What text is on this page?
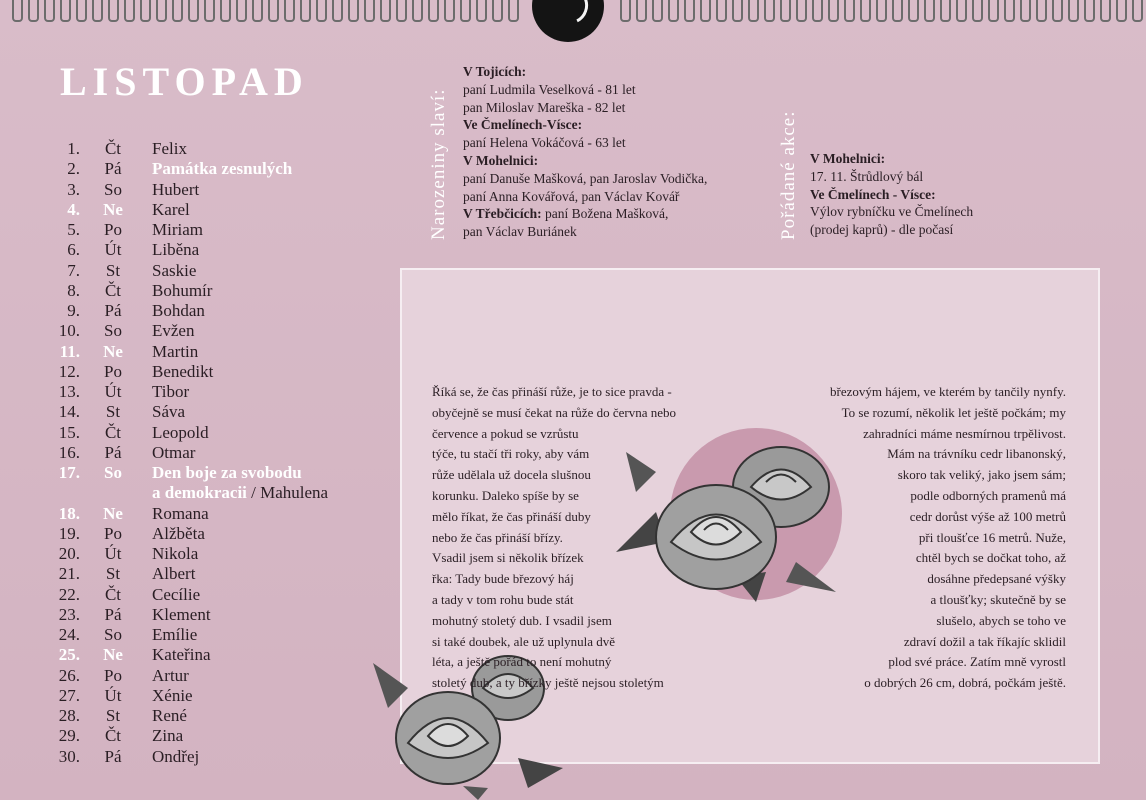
LISTOPAD
1.	Čt	Felix
2.	Pá	Památka zesnulých
3.	So	Hubert
4.	Ne	Karel
5.	Po	Miriam
6.	Út	Liběna
7.	St	Saskie
8.	Čt	Bohumír
9.	Pá	Bohdan
10.	So	Evžen
11.	Ne	Martin
12.	Po	Benedikt
13.	Út	Tibor
14.	St	Sáva
15.	Čt	Leopold
16.	Pá	Otmar
17.	So	Den boje za svobodu
a demokracii / Mahulena
18.	Ne	Romana
19.	Po	Alžběta
20.	Út	Nikola
21.	St	Albert
22.	Čt	Cecílie
23.	Pá	Klement
24.	So	Emílie
25.	Ne	Kateřina
26.	Po	Artur
27.	Út	Xénie
28.	St	René
29.	Čt	Zina
30.	Pá	Ondřej
Narozeniny slaví:
V Tojicích:
paní Ludmila Veselková - 81 let
pan Miloslav Mareška - 82 let
Ve Čmelínech-Vísce:
paní Helena Vokáčová - 63 let
V Mohelnici:
paní Danuše Mašková, pan Jaroslav Vodička,
paní Anna Kovářová, pan Václav Kovář
V Třebčicích: paní Božena Mašková,
pan Václav Buriánek	Pořádané akce: V Mohelnici:
17. 11. Štrůdlový bál
Ve Čmelínech - Vísce:
Výlov rybníčku ve Čmelínech
(prodej kaprů) - dle počasí

Říká se, že čas přináší růže, je to sice pravda -

obyčejně se musí čekat na růže do června nebo

července a pokud se vzrůstu

týče, tu stačí tři roky, aby vám

růže udělala už docela slušnou

korunku. Daleko spíše by se

mělo říkat, že čas přináší duby

nebo že čas přináší břízy.

Vsadil jsem si několik břízek

řka: Tady bude březový háj

a tady v tom rohu bude stát

mohutný stoletý dub. I vsadil jsem

si také doubek, ale už uplynula dvě

léta, a ještě pořád to není mohutný

stoletý dub, a ty břízky ještě nejsou stoletým

březovým hájem, ve kterém by tančily nynfy.

To se rozumí, několik let ještě počkám; my

zahradníci máme nesmírnou trpělivost.

Mám na trávníku cedr libanonský,

skoro tak veliký, jako jsem sám;

podle odborných pramenů má

cedr dorůst výše až 100 metrů

při tloušťce 16 metrů. Nuže,

chtěl bych se dočkat toho, až

dosáhne předepsané výšky

a tloušťky; skutečně by se

slušelo, abych se toho ve

zdraví dožil a tak říkajíc sklidil

plod své práce. Zatím mně vyrostl

o dobrých 26 cm, dobrá, počkám ještě.
